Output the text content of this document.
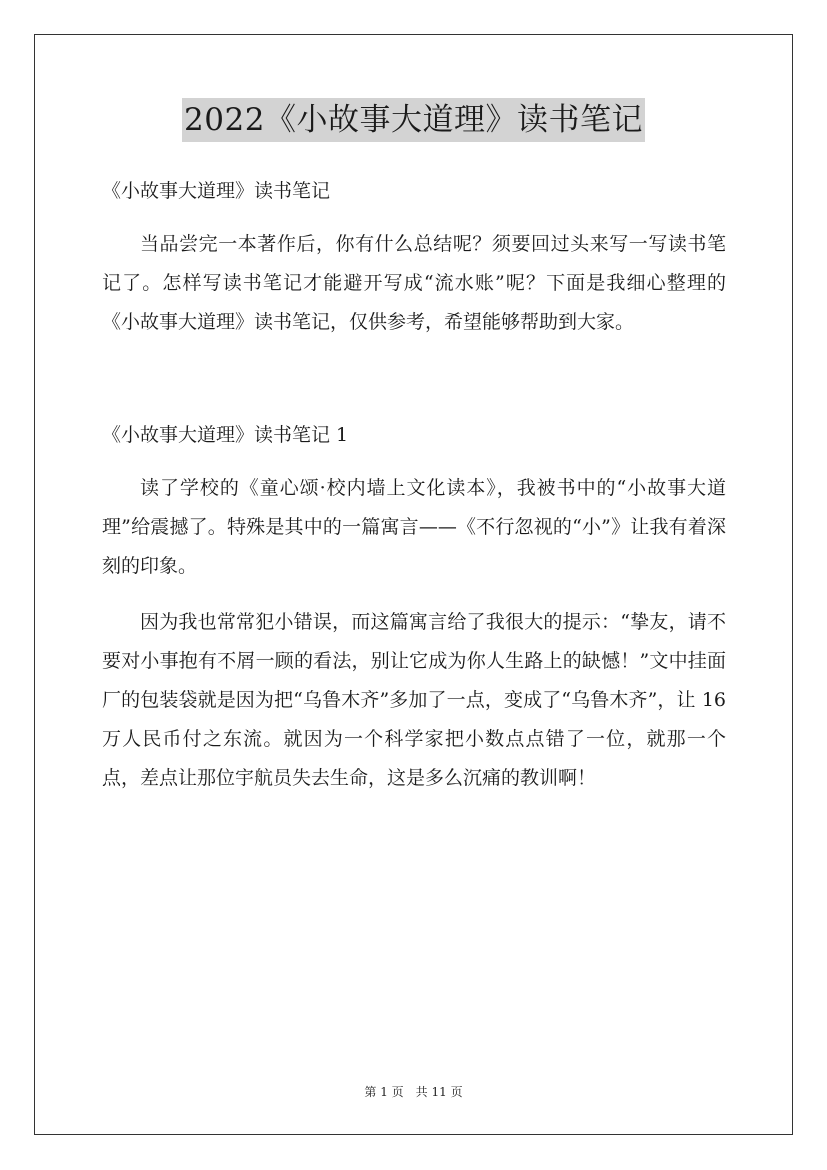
2022《小故事大道理》读书笔记

《小故事大道理》读书笔记

当品尝完一本著作后，你有什么总结呢？须要回过头来写一写读书笔记了。怎样写读书笔记才能避开写成“流水账”呢？下面是我细心整理的《小故事大道理》读书笔记，仅供参考，希望能够帮助到大家。

《小故事大道理》读书笔记 1

读了学校的《童心颂·校内墙上文化读本》，我被书中的“小故事大道理”给震撼了。特殊是其中的一篇寓言——《不行忽视的“小”》让我有着深刻的印象。

因为我也常常犯小错误，而这篇寓言给了我很大的提示：“挚友，请不要对小事抱有不屑一顾的看法，别让它成为你人生路上的缺憾！”文中挂面厂的包装袋就是因为把“乌鲁木齐”多加了一点，变成了“乌鲁木齐”，让 16 万人民币付之东流。就因为一个科学家把小数点点错了一位，就那一个点，差点让那位宇航员失去生命，这是多么沉痛的教训啊！

第 1 页　共 11 页
